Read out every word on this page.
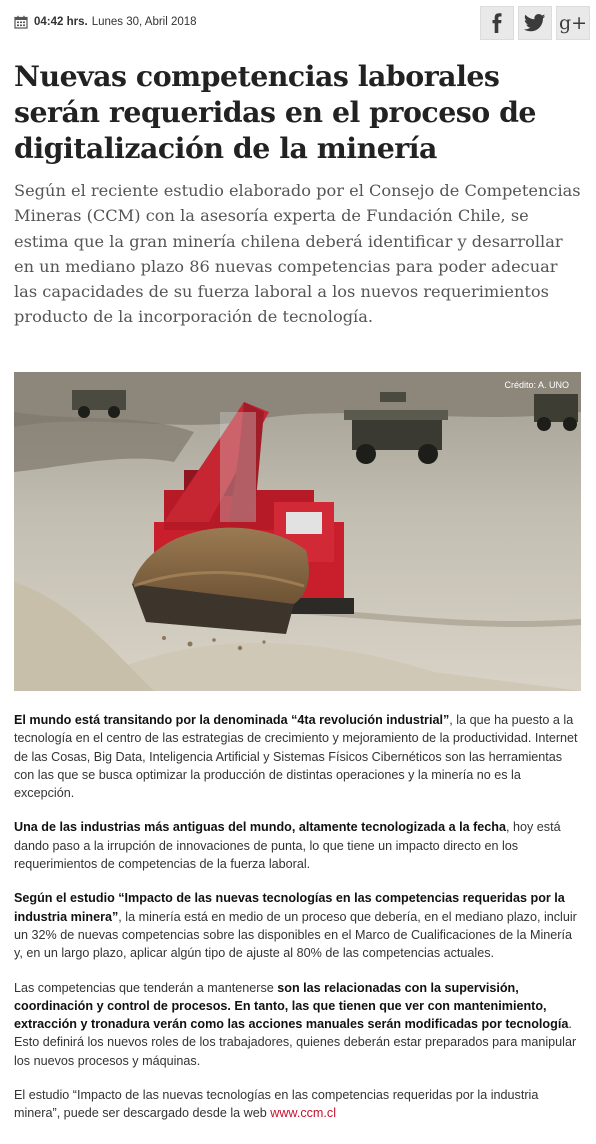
04:42 hrs. Lunes 30, Abril 2018	g+
Nuevas competencias laborales serán requeridas en el proceso de digitalización de la minería

Según el reciente estudio elaborado por el Consejo de Competencias Mineras (CCM) con la asesoría experta de Fundación Chile, se estima que la gran minería chilena deberá identificar y desarrollar en un mediano plazo 86 nuevas competencias para poder adecuar las capacidades de su fuerza laboral a los nuevos requerimientos producto de la incorporación de tecnología.

Crédito: A. UNO

El mundo está transitando por la denominada “4ta revolución industrial”, la que ha puesto a la tecnología en el centro de las estrategias de crecimiento y mejoramiento de la productividad. Internet de las Cosas, Big Data, Inteligencia Artificial y Sistemas Físicos Cibernéticos son las herramientas con las que se busca optimizar la producción de distintas operaciones y la minería no es la excepción.

Una de las industrias más antiguas del mundo, altamente tecnologizada a la fecha, hoy está dando paso a la irrupción de innovaciones de punta, lo que tiene un impacto directo en los requerimientos de competencias de la fuerza laboral.

Según el estudio “Impacto de las nuevas tecnologías en las competencias requeridas por la industria minera”, la minería está en medio de un proceso que debería, en el mediano plazo, incluir un 32% de nuevas competencias sobre las disponibles en el Marco de Cualificaciones de la Minería y, en un largo plazo, aplicar algún tipo de ajuste al 80% de las competencias actuales.

Las competencias que tenderán a mantenerse son las relacionadas con la supervisión, coordinación y control de procesos. En tanto, las que tienen que ver con mantenimiento, extracción y tronadura verán como las acciones manuales serán modificadas por tecnología. Esto definirá los nuevos roles de los trabajadores, quienes deberán estar preparados para manipular los nuevos procesos y máquinas.

El estudio “Impacto de las nuevas tecnologías en las competencias requeridas por la industria minera”, puede ser descargado desde la web www.ccm.cl
